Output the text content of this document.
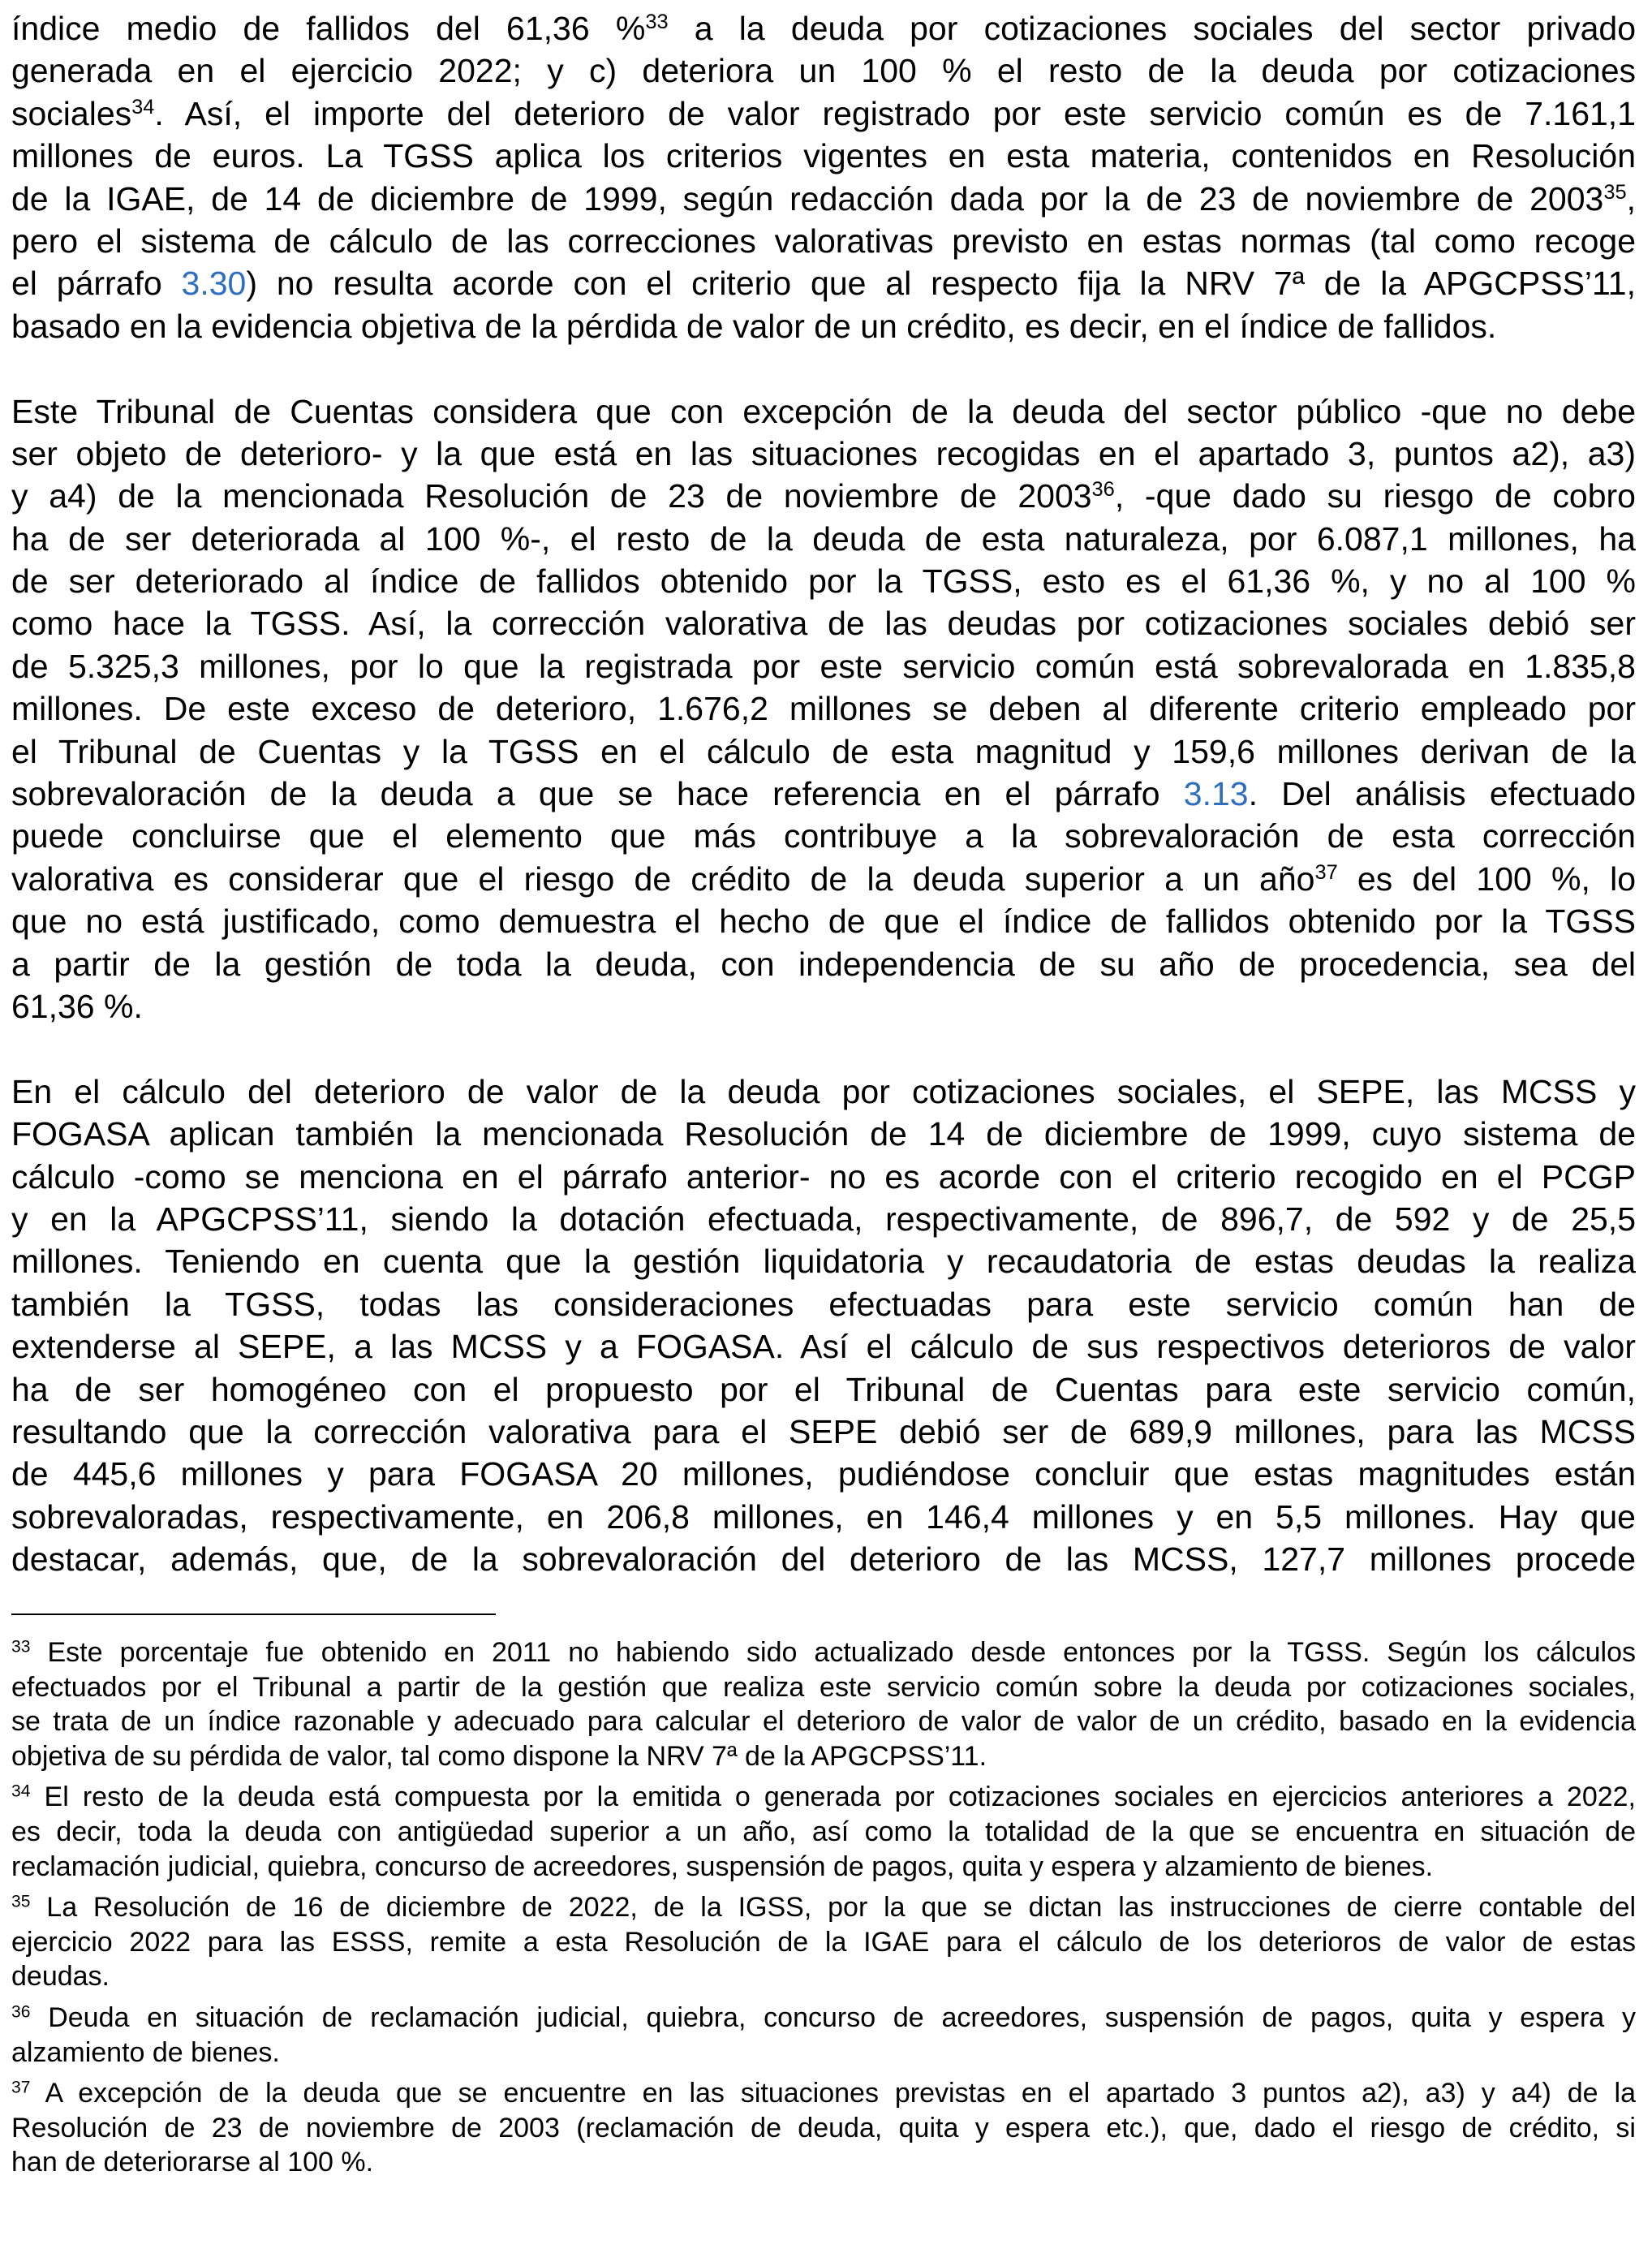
índice medio de fallidos del 61,36 %$^{33}$ a la deuda por cotizaciones sociales del sector privado
generada en el ejercicio 2022; y c) deteriora un 100 % el resto de la deuda por cotizaciones
sociales$^{34}$. Así, el importe del deterioro de valor registrado por este servicio común es de 7.161,1
millones de euros. La TGSS aplica los criterios vigentes en esta materia, contenidos en Resolución
de la IGAE, de 14 de diciembre de 1999, según redacción dada por la de 23 de noviembre de 2003$^{35}$,
pero el sistema de cálculo de las correcciones valorativas previsto en estas normas (tal como recoge
el párrafo 3.30) no resulta acorde con el criterio que al respecto fija la NRV 7ª de la APGCPSS’11,
basado en la evidencia objetiva de la pérdida de valor de un crédito, es decir, en el índice de fallidos.
Este Tribunal de Cuentas considera que con excepción de la deuda del sector público -que no debe
ser objeto de deterioro- y la que está en las situaciones recogidas en el apartado 3, puntos a2), a3)
y a4) de la mencionada Resolución de 23 de noviembre de 2003$^{36}$, -que dado su riesgo de cobro
ha de ser deteriorada al 100 %-, el resto de la deuda de esta naturaleza, por 6.087,1 millones, ha
de ser deteriorado al índice de fallidos obtenido por la TGSS, esto es el 61,36 %, y no al 100 %
como hace la TGSS. Así, la corrección valorativa de las deudas por cotizaciones sociales debió ser
de 5.325,3 millones, por lo que la registrada por este servicio común está sobrevalorada en 1.835,8
millones. De este exceso de deterioro, 1.676,2 millones se deben al diferente criterio empleado por
el Tribunal de Cuentas y la TGSS en el cálculo de esta magnitud y 159,6 millones derivan de la
sobrevaloración de la deuda a que se hace referencia en el párrafo 3.13. Del análisis efectuado
puede concluirse que el elemento que más contribuye a la sobrevaloración de esta corrección
valorativa es considerar que el riesgo de crédito de la deuda superior a un año$^{37}$ es del 100 %, lo
que no está justificado, como demuestra el hecho de que el índice de fallidos obtenido por la TGSS
a partir de la gestión de toda la deuda, con independencia de su año de procedencia, sea del
61,36 %.
En el cálculo del deterioro de valor de la deuda por cotizaciones sociales, el SEPE, las MCSS y
FOGASA aplican también la mencionada Resolución de 14 de diciembre de 1999, cuyo sistema de
cálculo -como se menciona en el párrafo anterior- no es acorde con el criterio recogido en el PCGP
y en la APGCPSS’11, siendo la dotación efectuada, respectivamente, de 896,7, de 592 y de 25,5
millones. Teniendo en cuenta que la gestión liquidatoria y recaudatoria de estas deudas la realiza
también la TGSS, todas las consideraciones efectuadas para este servicio común han de
extenderse al SEPE, a las MCSS y a FOGASA. Así el cálculo de sus respectivos deterioros de valor
ha de ser homogéneo con el propuesto por el Tribunal de Cuentas para este servicio común,
resultando que la corrección valorativa para el SEPE debió ser de 689,9 millones, para las MCSS
de 445,6 millones y para FOGASA 20 millones, pudiéndose concluir que estas magnitudes están
sobrevaloradas, respectivamente, en 206,8 millones, en 146,4 millones y en 5,5 millones. Hay que
destacar, además, que, de la sobrevaloración del deterioro de las MCSS, 127,7 millones procede
$^{33}$ Este porcentaje fue obtenido en 2011 no habiendo sido actualizado desde entonces por la TGSS. Según los cálculos
efectuados por el Tribunal a partir de la gestión que realiza este servicio común sobre la deuda por cotizaciones sociales,
se trata de un índice razonable y adecuado para calcular el deterioro de valor de valor de un crédito, basado en la evidencia
objetiva de su pérdida de valor, tal como dispone la NRV 7ª de la APGCPSS’11.
$^{34}$ El resto de la deuda está compuesta por la emitida o generada por cotizaciones sociales en ejercicios anteriores a 2022,
es decir, toda la deuda con antigüedad superior a un año, así como la totalidad de la que se encuentra en situación de
reclamación judicial, quiebra, concurso de acreedores, suspensión de pagos, quita y espera y alzamiento de bienes.
$^{35}$ La Resolución de 16 de diciembre de 2022, de la IGSS, por la que se dictan las instrucciones de cierre contable del
ejercicio 2022 para las ESSS, remite a esta Resolución de la IGAE para el cálculo de los deterioros de valor de estas
deudas.
$^{36}$ Deuda en situación de reclamación judicial, quiebra, concurso de acreedores, suspensión de pagos, quita y espera y
alzamiento de bienes.
$^{37}$ A excepción de la deuda que se encuentre en las situaciones previstas en el apartado 3 puntos a2), a3) y a4) de la
Resolución de 23 de noviembre de 2003 (reclamación de deuda, quita y espera etc.), que, dado el riesgo de crédito, si
han de deteriorarse al 100 %.
